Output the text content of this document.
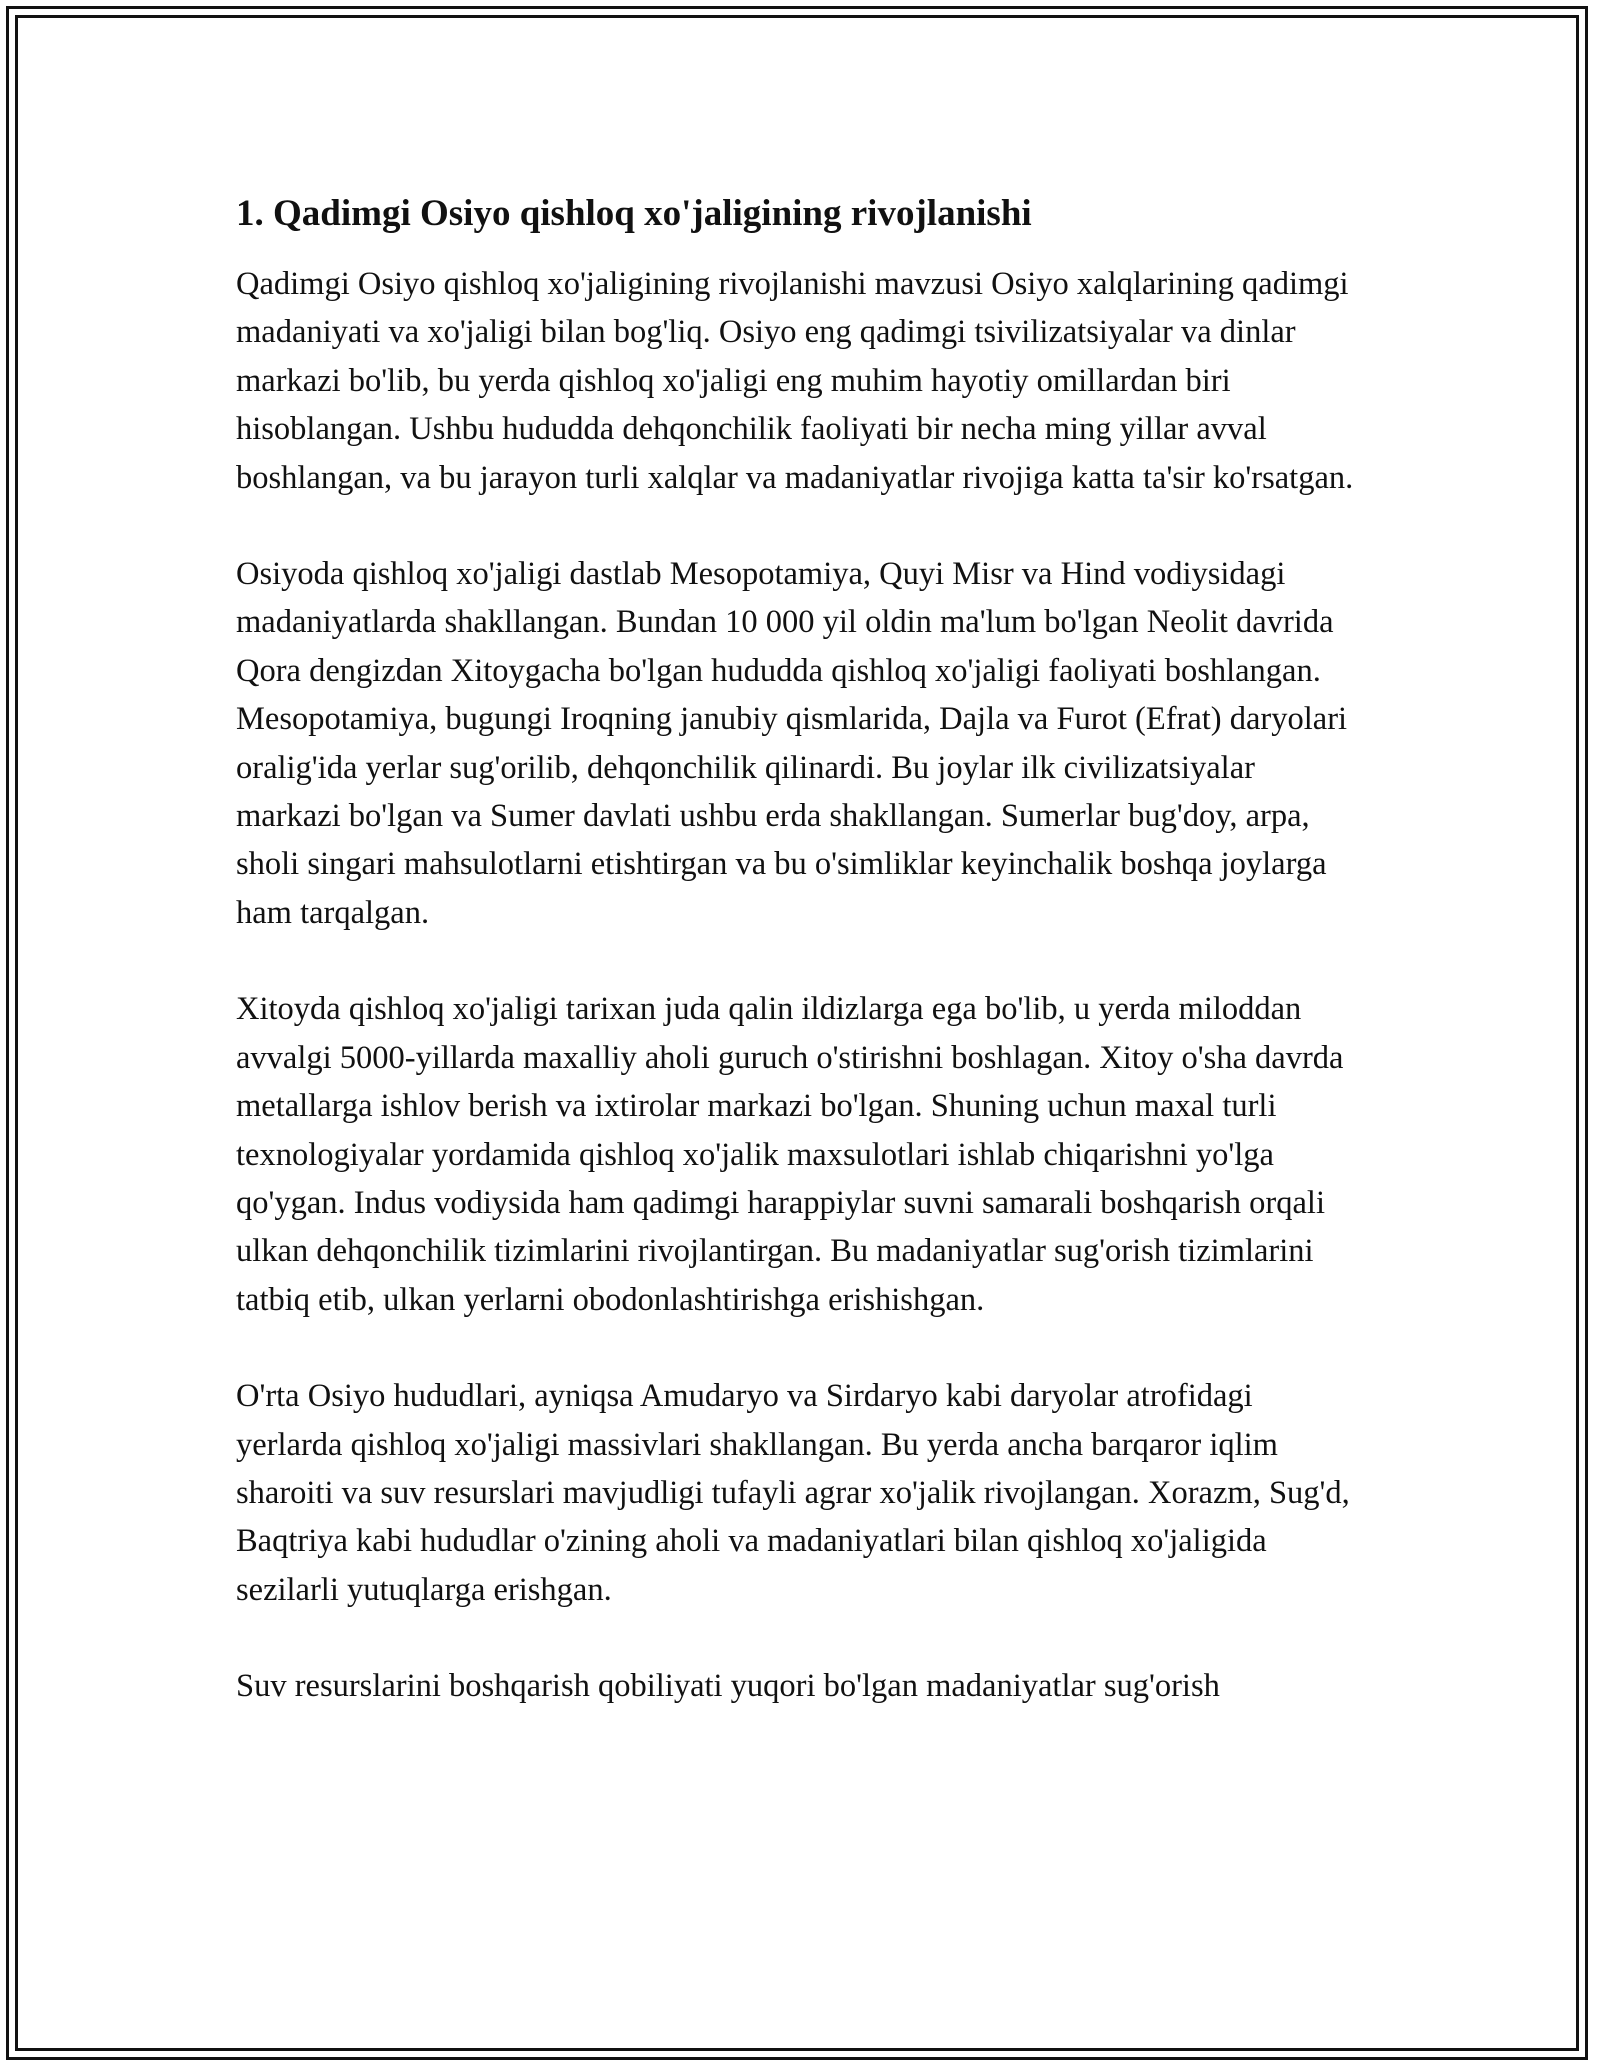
1. Qadimgi Osiyo qishloq xo'jaligining rivojlanishi

Qadimgi Osiyo qishloq xo'jaligining rivojlanishi mavzusi Osiyo xalqlarining qadimgi madaniyati va xo'jaligi bilan bog'liq. Osiyo eng qadimgi tsivilizatsiyalar va dinlar markazi bo'lib, bu yerda qishloq xo'jaligi eng muhim hayotiy omillardan biri hisoblangan. Ushbu hududda dehqonchilik faoliyati bir necha ming yillar avval boshlangan, va bu jarayon turli xalqlar va madaniyatlar rivojiga katta ta'sir ko'rsatgan.

Osiyoda qishloq xo'jaligi dastlab Mesopotamiya, Quyi Misr va Hind vodiysidagi madaniyatlarda shakllangan. Bundan 10 000 yil oldin ma'lum bo'lgan Neolit davrida Qora dengizdan Xitoygacha bo'lgan hududda qishloq xo'jaligi faoliyati boshlangan. Mesopotamiya, bugungi Iroqning janubiy qismlarida, Dajla va Furot (Efrat) daryolari oralig'ida yerlar sug'orilib, dehqonchilik qilinardi. Bu joylar ilk civilizatsiyalar markazi bo'lgan va Sumer davlati ushbu erda shakllangan. Sumerlar bug'doy, arpa, sholi singari mahsulotlarni etishtirgan va bu o'simliklar keyinchalik boshqa joylarga ham tarqalgan.

Xitoyda qishloq xo'jaligi tarixan juda qalin ildizlarga ega bo'lib, u yerda miloddan avvalgi 5000-yillarda maxalliy aholi guruch o'stirishni boshlagan. Xitoy o'sha davrda metallarga ishlov berish va ixtirolar markazi bo'lgan. Shuning uchun maxal turli texnologiyalar yordamida qishloq xo'jalik maxsulotlari ishlab chiqarishni yo'lga qo'ygan. Indus vodiysida ham qadimgi harappiylar suvni samarali boshqarish orqali ulkan dehqonchilik tizimlarini rivojlantirgan. Bu madaniyatlar sug'orish tizimlarini tatbiq etib, ulkan yerlarni obodonlashtirishga erishishgan.

O'rta Osiyo hududlari, ayniqsa Amudaryo va Sirdaryo kabi daryolar atrofidagi yerlarda qishloq xo'jaligi massivlari shakllangan. Bu yerda ancha barqaror iqlim sharoiti va suv resurslari mavjudligi tufayli agrar xo'jalik rivojlangan. Xorazm, Sug'd, Baqtriya kabi hududlar o'zining aholi va madaniyatlari bilan qishloq xo'jaligida sezilarli yutuqlarga erishgan.

Suv resurslarini boshqarish qobiliyati yuqori bo'lgan madaniyatlar sug'orish
